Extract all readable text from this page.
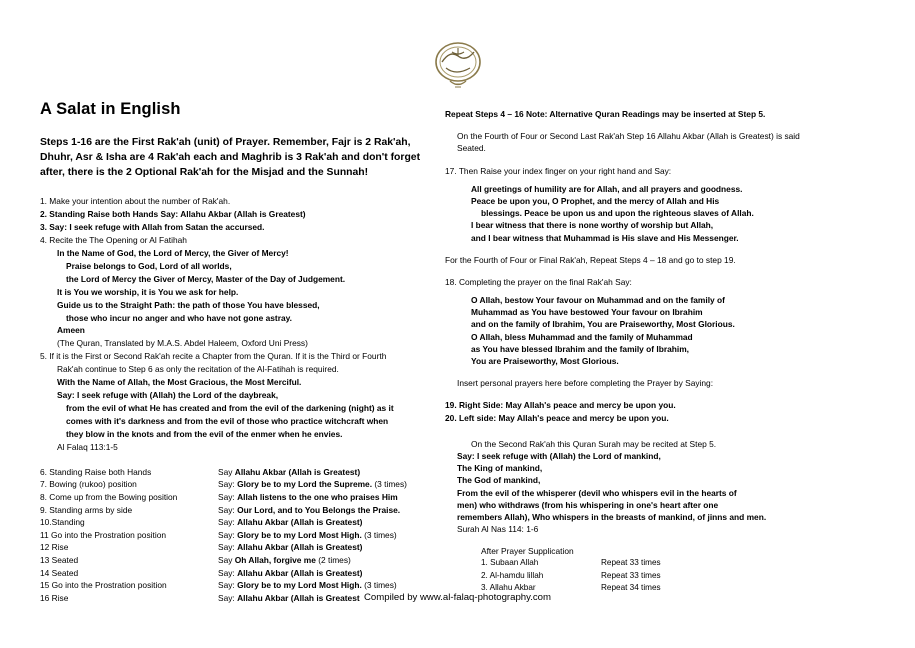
A Salat in English

Steps 1-16 are the First Rak'ah (unit) of Prayer. Remember, Fajr is 2 Rak'ah, Dhuhr, Asr & Isha are 4 Rak'ah each and Maghrib is 3 Rak'ah and don't forget after, there is the 2 Optional Rak'ah for the Misjad and the Sunnah!

1. Make your intention about the number of Rak'ah.
2. Standing Raise both Hands Say: Allahu Akbar (Allah is Greatest)
3. Say: I seek refuge with Allah from Satan the accursed.
4. Recite the The Opening or Al Fatihah
In the Name of God, the Lord of Mercy, the Giver of Mercy!
Praise belongs to God, Lord of all worlds,
the Lord of Mercy the Giver of Mercy, Master of the Day of Judgement.
It is You we worship, it is You we ask for help.
Guide us to the Straight Path: the path of those You have blessed,
those who incur no anger and who have not gone astray.
Ameen
(The Quran, Translated by M.A.S. Abdel Haleem, Oxford Uni Press)
5. If it is the First or Second Rak'ah recite a Chapter from the Quran. If it is the Third or Fourth
Rak'ah continue to Step 6 as only the recitation of the Al-Fatihah is required.
With the Name of Allah, the Most Gracious, the Most Merciful.
Say: I seek refuge with (Allah) the Lord of the daybreak,
from the evil of what He has created and from the evil of the darkening (night) as it
comes with it's darkness and from the evil of those who practice witchcraft when
they blow in the knots and from the evil of the enmer when he envies.
Al Falaq 113:1-5
6. Standing Raise both Hands	Say Allahu Akbar (Allah is Greatest)
7. Bowing (rukoo) position	Say: Glory be to my Lord the Supreme. (3 times)
8. Come up from the Bowing position	Say: Allah listens to the one who praises Him
9. Standing arms by side	Say: Our Lord, and to You Belongs the Praise.
10.Standing	Say: Allahu Akbar (Allah is Greatest)
11 Go into the Prostration position	Say: Glory be to my Lord Most High. (3 times)
12 Rise	Say: Allahu Akbar (Allah is Greatest)
13 Seated	Say Oh Allah, forgive me (2 times)
14 Seated	Say: Allahu Akbar (Allah is Greatest)
15 Go into the Prostration position	Say: Glory be to my Lord Most High. (3 times)
16 Rise	Say: Allahu Akbar (Allah is Greatest
Repeat Steps 4 – 16 Note: Alternative Quran Readings may be inserted at Step 5.
On the Fourth of Four or Second Last Rak'ah Step 16 Allahu Akbar (Allah is Greatest) is said
Seated.
17. Then Raise your index finger on your right hand and Say:
All greetings of humility are for Allah, and all prayers and goodness.
Peace be upon you, O Prophet, and the mercy of Allah and His
blessings. Peace be upon us and upon the righteous slaves of Allah.
I bear witness that there is none worthy of worship but Allah,
and I bear witness that Muhammad is His slave and His Messenger.
For the Fourth of Four or Final Rak'ah, Repeat Steps 4 – 18 and go to step 19.
18. Completing the prayer on the final Rak'ah Say:
O Allah, bestow Your favour on Muhammad and on the family of
Muhammad as You have bestowed Your favour on Ibrahim
and on the family of Ibrahim, You are Praiseworthy, Most Glorious.
O Allah, bless Muhammad and the family of Muhammad
as You have blessed Ibrahim and the family of Ibrahim,
You are Praiseworthy, Most Glorious.
Insert personal prayers here before completing the Prayer by Saying:
19. Right Side: May Allah's peace and mercy be upon you.
20. Left side: May Allah's peace and mercy be upon you.
On the Second Rak'ah this Quran Surah may be recited at Step 5.
Say: I seek refuge with (Allah) the Lord of mankind,
The King of mankind,
The God of mankind,
From the evil of the whisperer (devil who whispers evil in the hearts of
men) who withdraws (from his whispering in one's heart after one
remembers Allah), Who whispers in the breasts of mankind, of jinns and men.
Surah Al Nas 114: 1-6
After Prayer Supplication
1. Subaan Allah	Repeat 33 times
2. Al-hamdu lillah	Repeat 33 times
3. Allahu Akbar	Repeat 34 times
Compiled by www.al-falaq-photography.com
